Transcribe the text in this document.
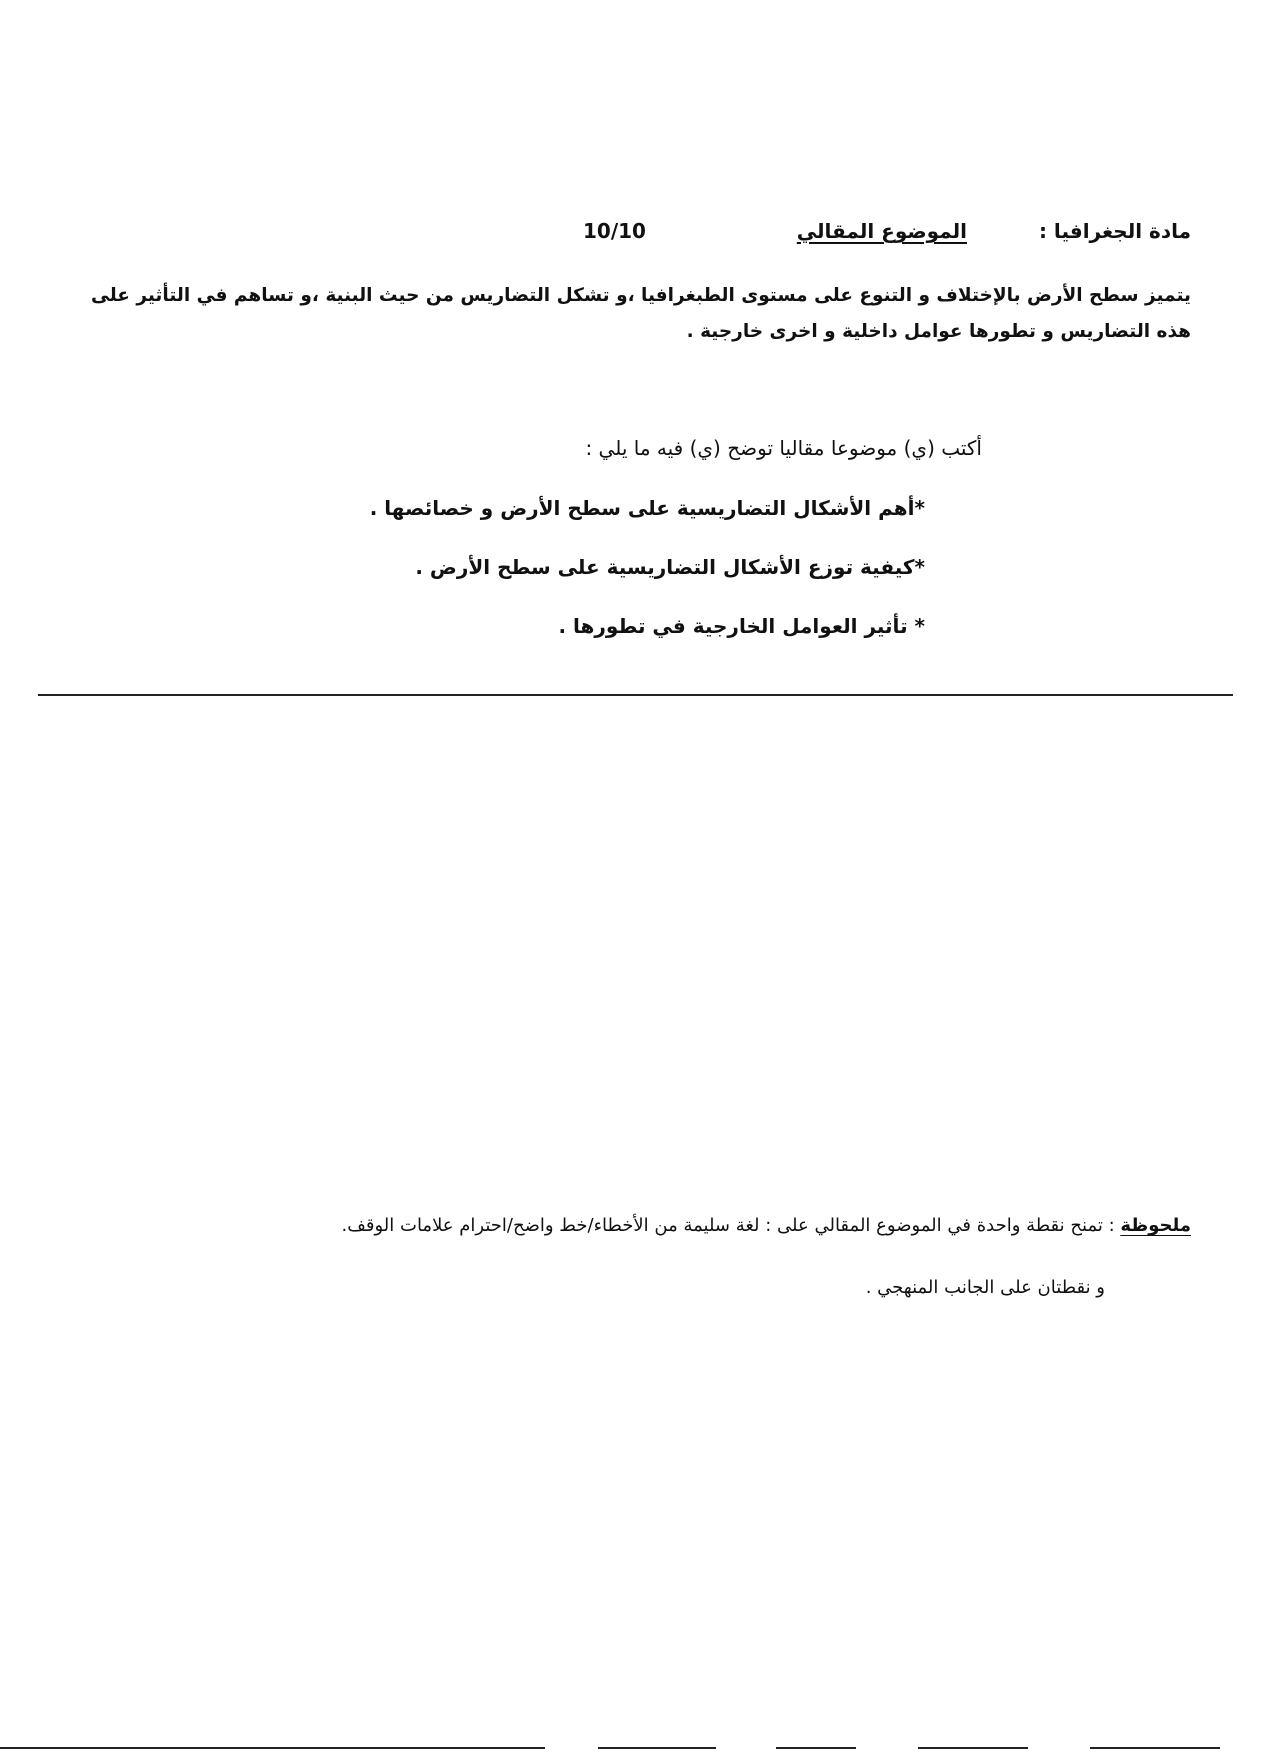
مادة الجغرافيا :
الموضوع المقالي
10/10
يتميز سطح الأرض بالإختلاف و التنوع على مستوى الطبغرافيا ،و تشكل التضاريس من حيث البنية ،و تساهم في التأثير على هذه التضاريس و تطورها عوامل داخلية و اخرى خارجية .
أكتب (ي) موضوعا مقاليا توضح (ي) فيه ما يلي :
*أهم الأشكال التضاريسية على سطح الأرض و خصائصها .
*كيفية توزع الأشكال التضاريسية على سطح الأرض .
* تأثير العوامل الخارجية في تطورها .
ملحوظة : تمنح نقطة واحدة في الموضوع المقالي على : لغة سليمة من الأخطاء/خط واضح/احترام علامات الوقف.
و نقطتان على الجانب المنهجي .
